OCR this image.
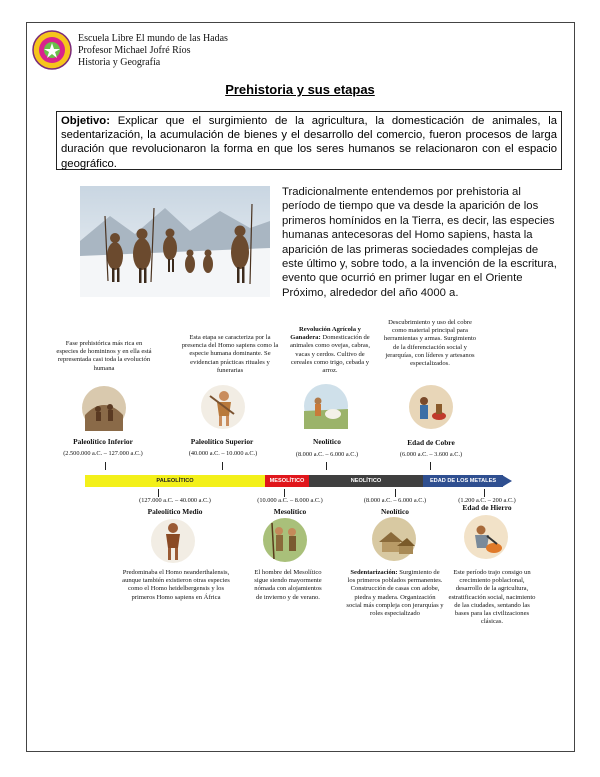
Escuela Libre El mundo de las Hadas
Profesor Michael Jofré Ríos
Historia y Geografía
Prehistoria y sus etapas
Objetivo: Explicar que el surgimiento de la agricultura, la domesticación de animales, la sedentarización, la acumulación de bienes y el desarrollo del comercio, fueron procesos de larga duración que revolucionaron la forma en que los seres humanos se relacionaron con el espacio geográfico.
Tradicionalmente entendemos por prehistoria al período de tiempo que va desde la aparición de los primeros homínidos en la Tierra, es decir, las especies humanas antecesoras del Homo sapiens, hasta la aparición de las primeras sociedades complejas de este último y, sobre todo, a la invención de la escritura, evento que ocurrió en primer lugar en el Oriente Próximo, alrededor del año 4000 a.
Fase prehistórica más rica en especies de homininos y en ella está representada casi toda la evolución humana
Esta etapa se caracteriza por la presencia del Homo sapiens como la especie humana dominante. Se evidencian prácticas rituales y funerarias
Revolución Agrícola y Ganadera: Domesticación de animales como ovejas, cabras, vacas y cerdos. Cultivo de cereales como trigo, cebada y arroz.
Descubrimiento y uso del cobre como material principal para herramientas y armas. Surgimiento de la diferenciación social y jerarquías, con líderes y artesanos especializados.
Paleolítico Inferior	Paleolítico Superior	Neolítico	Edad de Cobre
(2.500.000 a.C. – 127.000 a.C.)	(40.000 a.C. – 10.000 a.C.)	(8.000 a.C. – 6.000 a.C.)	(6.000 a.C. – 3.600 a.C.)
PALEOLÍTICO	MESOLÍTICO	NEOLÍTICO	EDAD DE LOS METALES
(127.000 a.C. – 40.000 a.C.)	(10.000 a.C. – 8.000 a.C.)	(8.000 a.C. – 6.000 a.C.)	(1.200 a.C. – 200 a.C.)
Paleolítico Medio	Mesolítico	Neolítico	Edad de Hierro
Predominaba el Homo neanderthalensis, aunque también existieron otras especies como el Homo heidelbergensis y los primeros Homo sapiens en África
El hombre del Mesolítico sigue siendo mayormente nómada con alojamientos de invierno y de verano.
Sedentarización: Surgimiento de los primeros poblados permanentes. Construcción de casas con adobe, piedra y madera. Organización social más compleja con jerarquías y roles especializado
Este período trajo consigo un crecimiento poblacional, desarrollo de la agricultura, estratificación social, nacimiento de las ciudades, sentando las bases para las civilizaciones clásicas.
